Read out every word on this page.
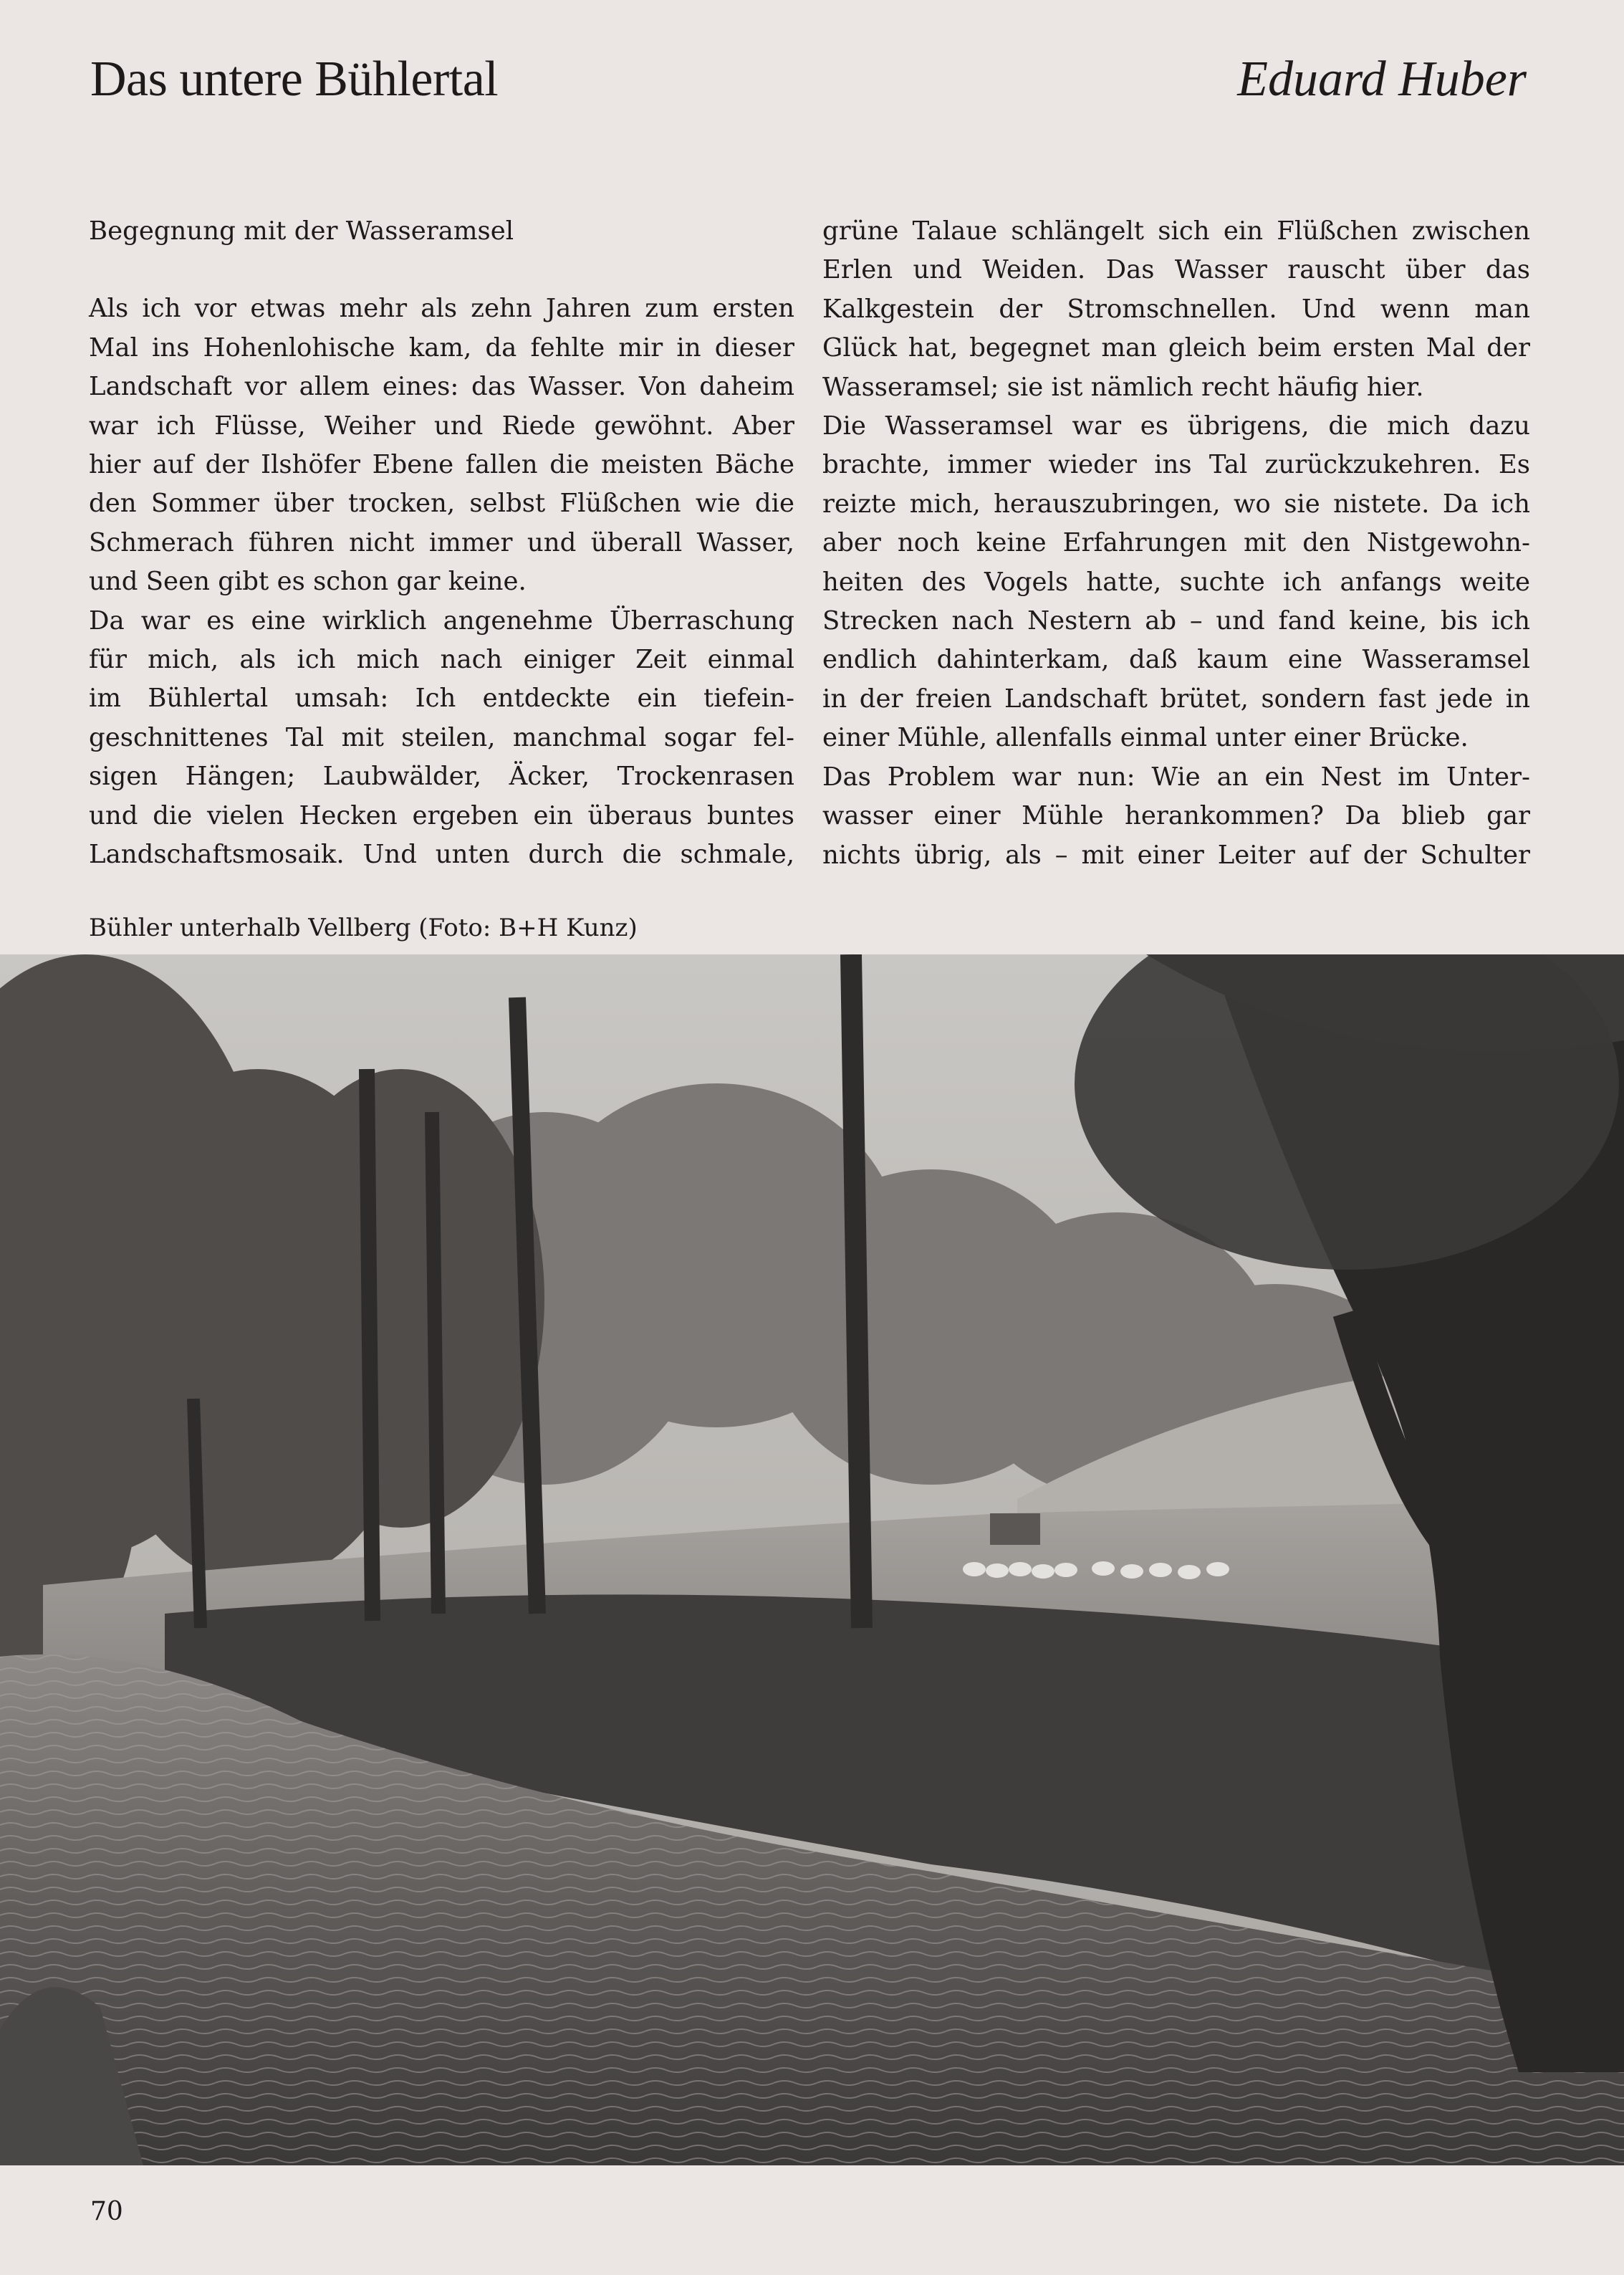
Das untere Bühlertal	Eduard Huber

Begegnung mit der Wasseramsel

Als ich vor etwas mehr als zehn Jahren zum ersten
Mal ins Hohenlohische kam, da fehlte mir in dieser
Landschaft vor allem eines: das Wasser. Von daheim
war ich Flüsse, Weiher und Riede gewöhnt. Aber
hier auf der Ilshöfer Ebene fallen die meisten Bäche
den Sommer über trocken, selbst Flüßchen wie die
Schmerach führen nicht immer und überall Wasser,
und Seen gibt es schon gar keine.

Da war es eine wirklich angenehme Überraschung
für mich, als ich mich nach einiger Zeit einmal
im Bühlertal umsah: Ich entdeckte ein tiefein-
geschnittenes Tal mit steilen, manchmal sogar fel-
sigen Hängen; Laubwälder, Äcker, Trockenrasen
und die vielen Hecken ergeben ein überaus buntes
Landschaftsmosaik. Und unten durch die schmale,

grüne Talaue schlängelt sich ein Flüßchen zwischen
Erlen und Weiden. Das Wasser rauscht über das
Kalkgestein der Stromschnellen. Und wenn man
Glück hat, begegnet man gleich beim ersten Mal der
Wasseramsel; sie ist nämlich recht häufig hier.

Die Wasseramsel war es übrigens, die mich dazu
brachte, immer wieder ins Tal zurückzukehren. Es
reizte mich, herauszubringen, wo sie nistete. Da ich
aber noch keine Erfahrungen mit den Nistgewohn-
heiten des Vogels hatte, suchte ich anfangs weite
Strecken nach Nestern ab – und fand keine, bis ich
endlich dahinterkam, daß kaum eine Wasseramsel
in der freien Landschaft brütet, sondern fast jede in
einer Mühle, allenfalls einmal unter einer Brücke.

Das Problem war nun: Wie an ein Nest im Unter-
wasser einer Mühle herankommen? Da blieb gar
nichts übrig, als – mit einer Leiter auf der Schulter

Bühler unterhalb Vellberg (Foto: B+H Kunz)

70
